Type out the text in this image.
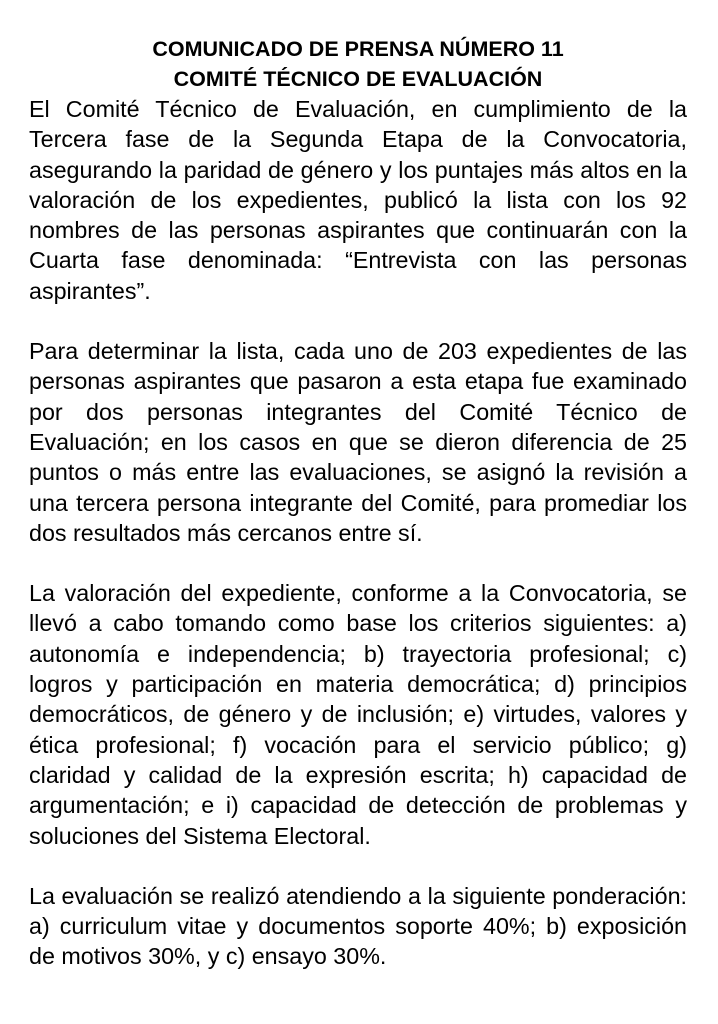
COMUNICADO DE PRENSA NÚMERO 11
COMITÉ TÉCNICO DE EVALUACIÓN

El Comité Técnico de Evaluación, en cumplimiento de la Tercera fase de la Segunda Etapa de la Convocatoria, asegurando la paridad de género y los puntajes más altos en la valoración de los expedientes, publicó la lista con los 92 nombres de las personas aspirantes que continuarán con la Cuarta fase denominada: “Entrevista con las personas aspirantes”.

Para determinar la lista, cada uno de 203 expedientes de las personas aspirantes que pasaron a esta etapa fue examinado por dos personas integrantes del Comité Técnico de Evaluación; en los casos en que se dieron diferencia de 25 puntos o más entre las evaluaciones, se asignó la revisión a una tercera persona integrante del Comité, para promediar los dos resultados más cercanos entre sí.

La valoración del expediente, conforme a la Convocatoria, se llevó a cabo tomando como base los criterios siguientes: a) autonomía e independencia; b) trayectoria profesional; c) logros y participación en materia democrática; d) principios democráticos, de género y de inclusión; e) virtudes, valores y ética profesional; f) vocación para el servicio público; g) claridad y calidad de la expresión escrita; h) capacidad de argumentación; e i) capacidad de detección de problemas y soluciones del Sistema Electoral.

La evaluación se realizó atendiendo a la siguiente ponderación: a) curriculum vitae y documentos soporte 40%; b) exposición de motivos 30%, y c) ensayo 30%.
